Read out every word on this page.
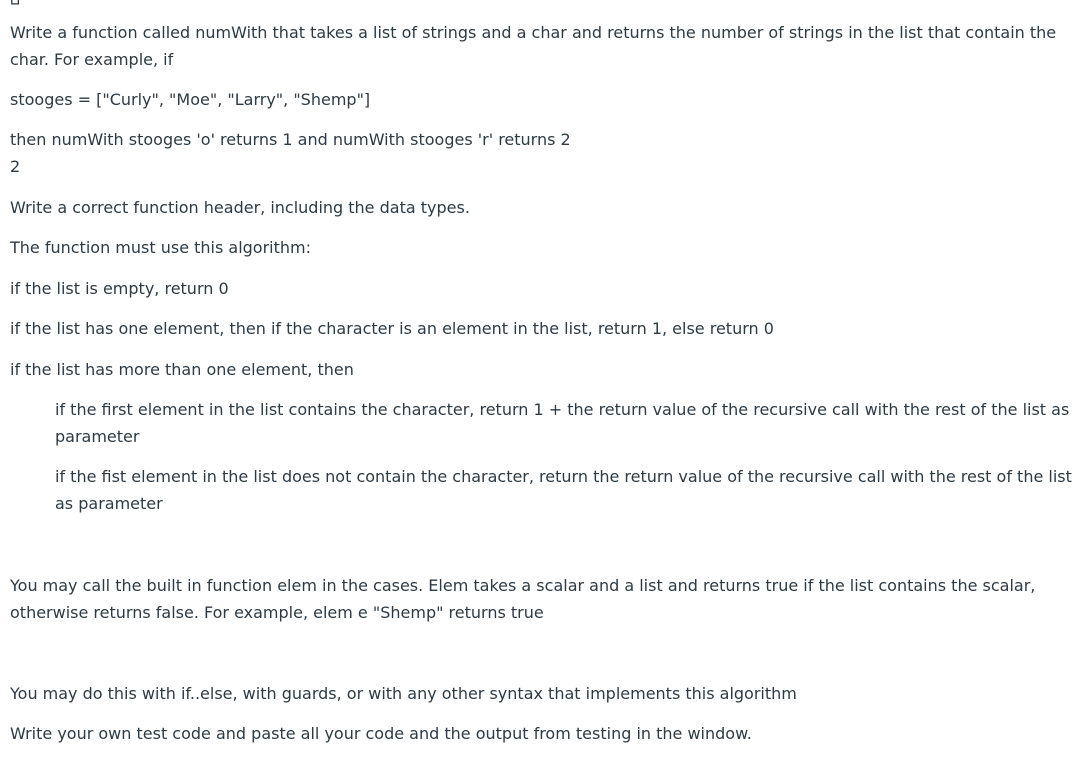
Write a function called numWith that takes a list of strings and a char and returns the number of strings in the list that contain the char. For example, if

stooges = ["Curly", "Moe", "Larry", "Shemp"]

then numWith stooges 'o' returns 1 and numWith stooges 'r' returns 2

2

Write a correct function header, including the data types.

The function must use this algorithm:

if the list is empty, return 0

if the list has one element, then if the character is an element in the list, return 1, else return 0

if the list has more than one element, then

if the first element in the list contains the character, return 1 + the return value of the recursive call with the rest of the list as parameter

if the fist element in the list does not contain the character, return the return value of the recursive call with the rest of the list as parameter

You may call the built in function elem in the cases. Elem takes a scalar and a list and returns true if the list contains the scalar, otherwise returns false. For example, elem e "Shemp" returns true

You may do this with if..else, with guards, or with any other syntax that implements this algorithm

Write your own test code and paste all your code and the output from testing in the window.
